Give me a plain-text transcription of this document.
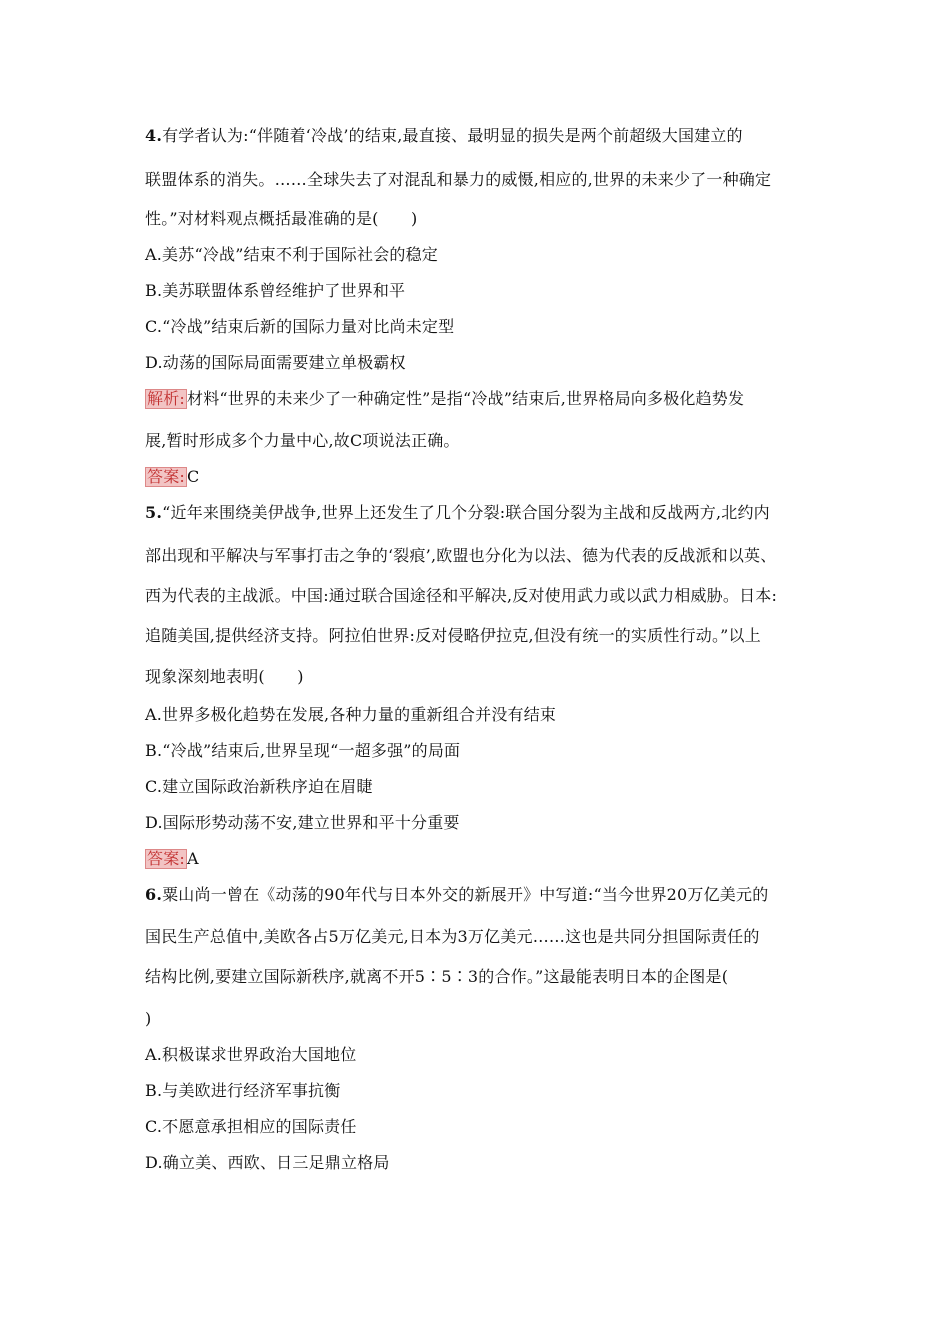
4.有学者认为:“伴随着‘冷战’的结束,最直接、最明显的损失是两个前超级大国建立的
联盟体系的消失。……全球失去了对混乱和暴力的威慑,相应的,世界的未来少了一种确定
性。”对材料观点概括最准确的是(　　)
A.美苏“冷战”结束不利于国际社会的稳定
B.美苏联盟体系曾经维护了世界和平
C.“冷战”结束后新的国际力量对比尚未定型
D.动荡的国际局面需要建立单极霸权
解析: 材料“世界的未来少了一种确定性”是指“冷战”结束后,世界格局向多极化趋势发
展,暂时形成多个力量中心,故C项说法正确。
答案: C
5.“近年来围绕美伊战争,世界上还发生了几个分裂:联合国分裂为主战和反战两方,北约内
部出现和平解决与军事打击之争的‘裂痕’,欧盟也分化为以法、德为代表的反战派和以英、
西为代表的主战派。中国:通过联合国途径和平解决,反对使用武力或以武力相威胁。日本:
追随美国,提供经济支持。阿拉伯世界:反对侵略伊拉克,但没有统一的实质性行动。”以上
现象深刻地表明(　　)
A.世界多极化趋势在发展,各种力量的重新组合并没有结束
B.“冷战”结束后,世界呈现“一超多强”的局面
C.建立国际政治新秩序迫在眉睫
D.国际形势动荡不安,建立世界和平十分重要
答案: A
6.粟山尚一曾在《动荡的90年代与日本外交的新展开》中写道:“当今世界20万亿美元的
国民生产总值中,美欧各占5万亿美元,日本为3万亿美元……这也是共同分担国际责任的
结构比例,要建立国际新秩序,就离不开5∶5∶3的合作。”这最能表明日本的企图是(
)
A.积极谋求世界政治大国地位
B.与美欧进行经济军事抗衡
C.不愿意承担相应的国际责任
D.确立美、西欧、日三足鼎立格局
